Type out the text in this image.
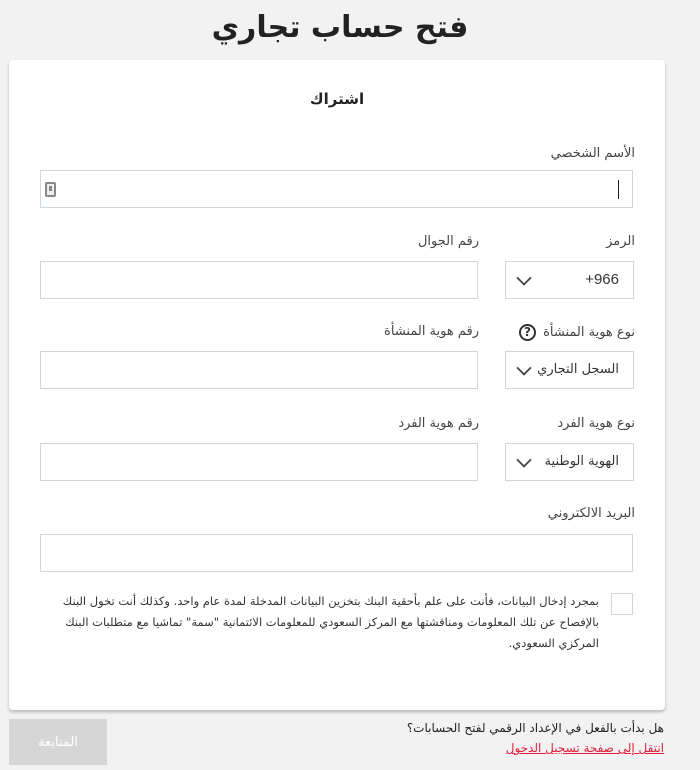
فتح حساب تجاري
اشتراك
الأسم الشخصي
الرمز
+966
رقم الجوال
نوع هوية المنشأة ?
السجل التجاري
رقم هوية المنشأة
نوع هوية الفرد
الهوية الوطنية
رقم هوية الفرد
البريد الالكتروني

بمجرد إدخال البيانات، فأنت على علم بأحقية البنك بتخزين البيانات المدخلة لمدة عام واحد. وكذلك أنت تخول البنك بالإفصاح عن تلك المعلومات ومناقشتها مع المركز السعودي للمعلومات الائتمانية "سمة" تماشيا مع متطلبات البنك المركزي السعودي.

المتابعة
هل بدأت بالفعل في الإعداد الرقمي لفتح الحسابات؟
انتقل إلى صفحة تسجيل الدخول
